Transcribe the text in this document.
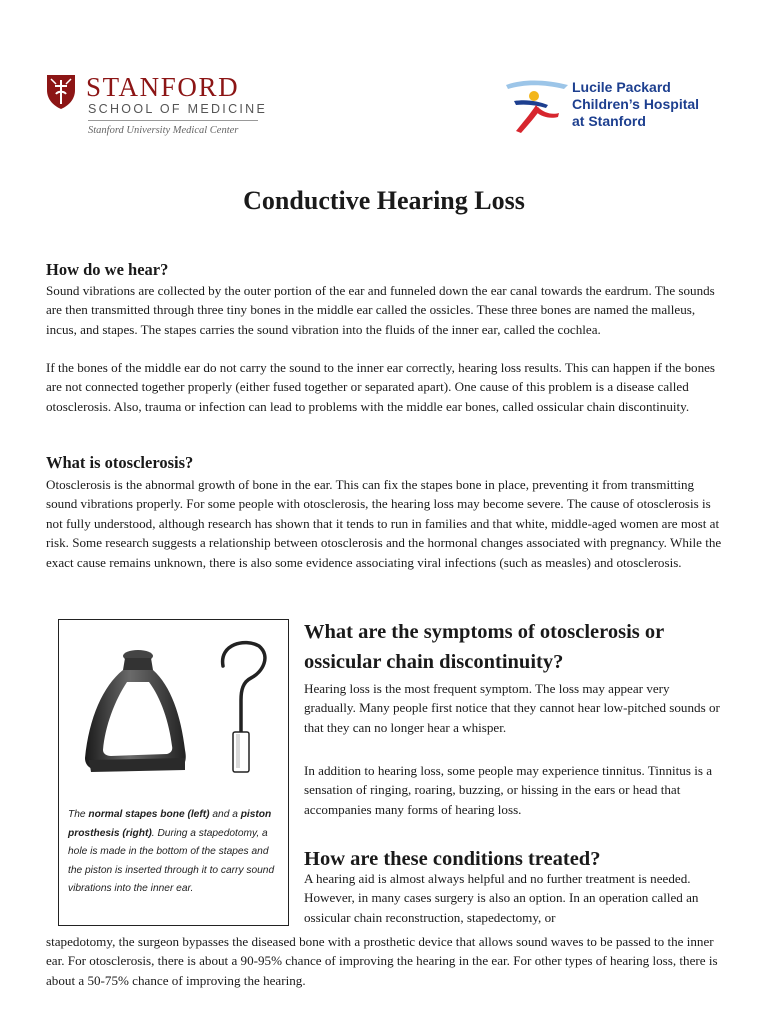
STANFORD
SCHOOL OF MEDICINE
Stanford University Medical Center
Lucile Packard
Children’s Hospital
at Stanford
Conductive Hearing Loss
How do we hear?

Sound vibrations are collected by the outer portion of the ear and funneled down the ear canal towards the eardrum. The sounds are then transmitted through three tiny bones in the middle ear called the ossicles. These three bones are named the malleus, incus, and stapes. The stapes carries the sound vibration into the fluids of the inner ear, called the cochlea.

If the bones of the middle ear do not carry the sound to the inner ear correctly, hearing loss results. This can happen if the bones are not connected together properly (either fused together or separated apart). One cause of this problem is a disease called otosclerosis. Also, trauma or infection can lead to problems with the middle ear bones, called ossicular chain discontinuity.

What is otosclerosis?

Otosclerosis is the abnormal growth of bone in the ear. This can fix the stapes bone in place, preventing it from transmitting sound vibrations properly. For some people with otosclerosis, the hearing loss may become severe. The cause of otosclerosis is not fully understood, although research has shown that it tends to run in families and that white, middle-aged women are most at risk. Some research suggests a relationship between otosclerosis and the hormonal changes associated with pregnancy. While the exact cause remains unknown, there is also some evidence associating viral infections (such as measles) and otosclerosis.

The normal stapes bone (left) and a piston prosthesis (right). During a stapedotomy, a hole is made in the bottom of the stapes and the piston is inserted through it to carry sound vibrations into the inner ear.
What are the symptoms of otosclerosis or ossicular chain discontinuity?

Hearing loss is the most frequent symptom. The loss may appear very gradually. Many people first notice that they cannot hear low-pitched sounds or that they can no longer hear a whisper.

In addition to hearing loss, some people may experience tinnitus. Tinnitus is a sensation of ringing, roaring, buzzing, or hissing in the ears or head that accompanies many forms of hearing loss.

How are these conditions treated?

A hearing aid is almost always helpful and no further treatment is needed. However, in many cases surgery is also an option. In an operation called an ossicular chain reconstruction, stapedectomy, or

stapedotomy, the surgeon bypasses the diseased bone with a prosthetic device that allows sound waves to be passed to the inner ear. For otosclerosis, there is about a 90-95% chance of improving the hearing in the ear. For other types of hearing loss, there is about a 50-75% chance of improving the hearing.
